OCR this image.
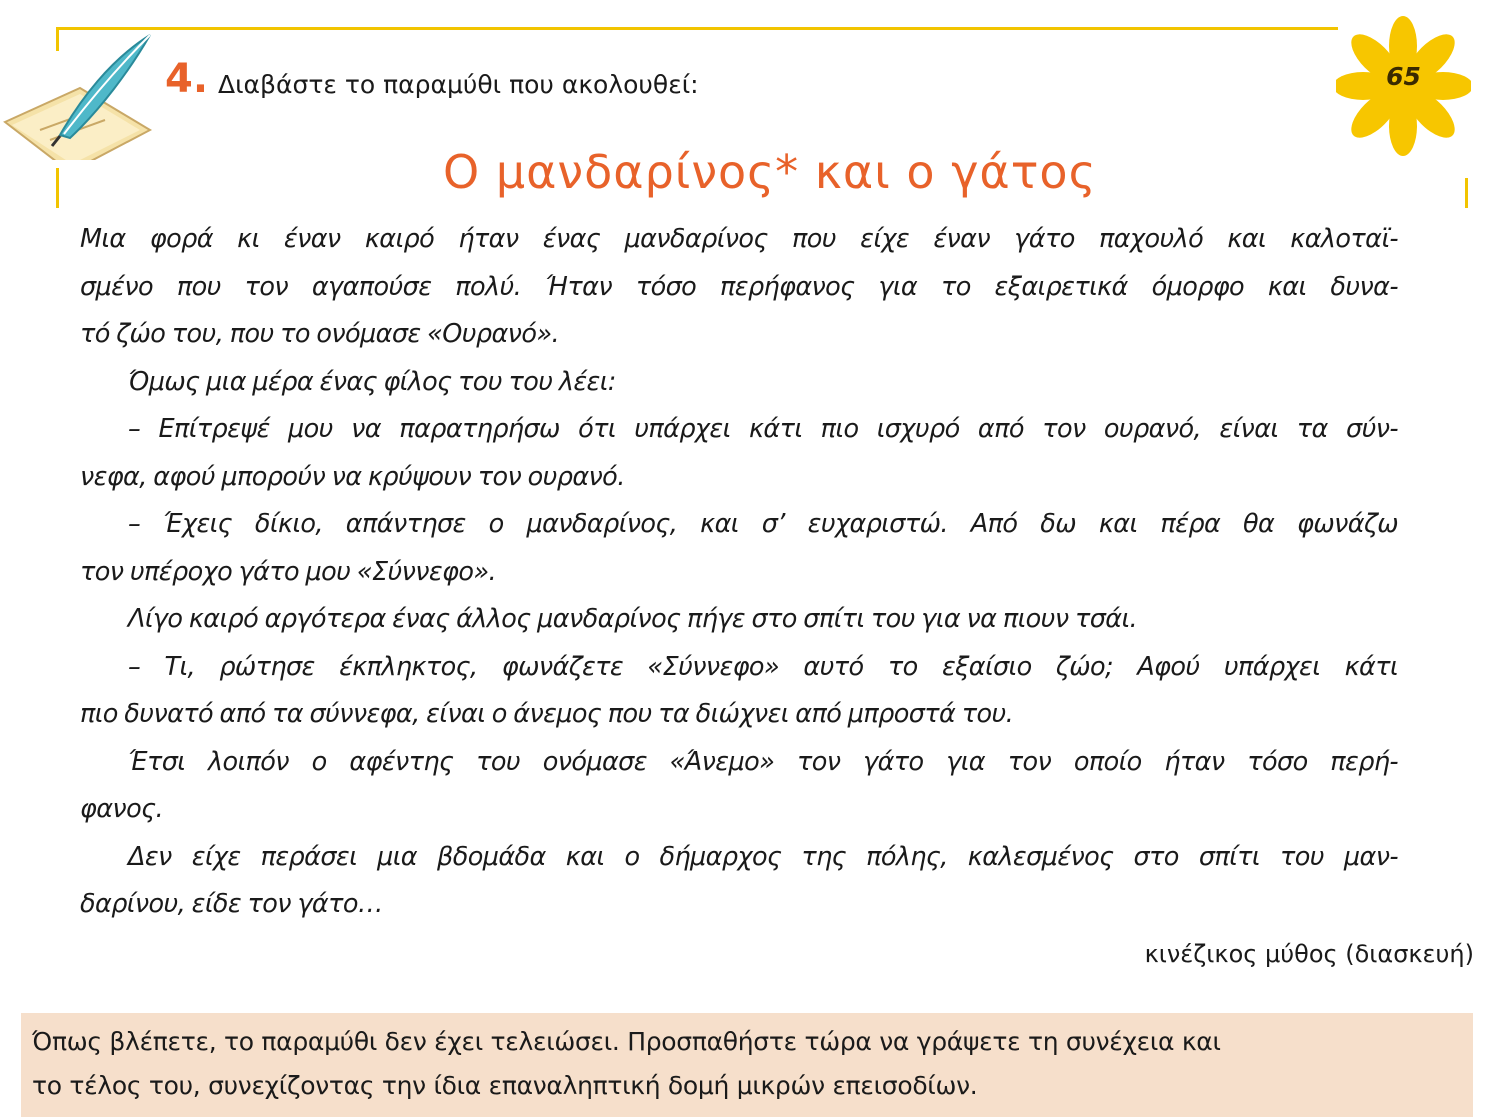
65
4. Διαβάστε το παραμύθι που ακολουθεί:
Ο μανδαρίνος* και ο γάτος
Μια φορά κι έναν καιρό ήταν ένας μανδαρίνος που είχε έναν γάτο παχουλό και καλοταϊ-
σμένο που τον αγαπούσε πολύ. Ήταν τόσο περήφανος για το εξαιρετικά όμορφο και δυνα-
τό ζώο του, που το ονόμασε «Ουρανό».
Όμως μια μέρα ένας φίλος του του λέει:
– Επίτρεψέ μου να παρατηρήσω ότι υπάρχει κάτι πιο ισχυρό από τον ουρανό, είναι τα σύν-
νεφα, αφού μπορούν να κρύψουν τον ουρανό.
– Έχεις δίκιο, απάντησε ο μανδαρίνος, και σ’ ευχαριστώ. Από δω και πέρα θα φωνάζω
τον υπέροχο γάτο μου «Σύννεφο».
Λίγο καιρό αργότερα ένας άλλος μανδαρίνος πήγε στο σπίτι του για να πιουν τσάι.
– Τι, ρώτησε έκπληκτος, φωνάζετε «Σύννεφο» αυτό το εξαίσιο ζώο; Αφού υπάρχει κάτι
πιο δυνατό από τα σύννεφα, είναι ο άνεμος που τα διώχνει από μπροστά του.
Έτσι λοιπόν ο αφέντης του ονόμασε «Άνεμο» τον γάτο για τον οποίο ήταν τόσο περή-
φανος.
Δεν είχε περάσει μια βδομάδα και ο δήμαρχος της πόλης, καλεσμένος στο σπίτι του μαν-
δαρίνου, είδε τον γάτο…
κινέζικος μύθος (διασκευή)
Όπως βλέπετε, το παραμύθι δεν έχει τελειώσει. Προσπαθήστε τώρα να γράψετε τη συνέχεια και
το τέλος του, συνεχίζοντας την ίδια επαναληπτική δομή μικρών επεισοδίων.
